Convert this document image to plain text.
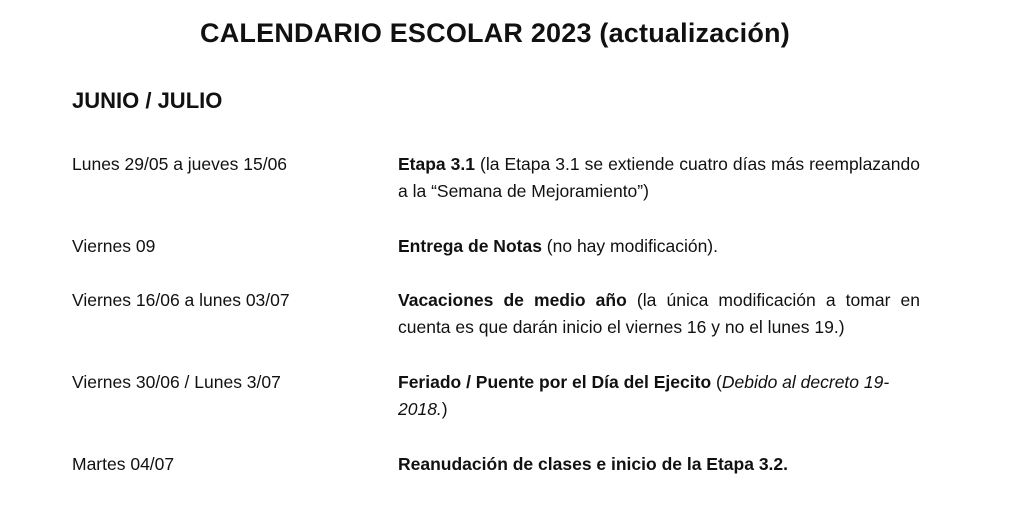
CALENDARIO ESCOLAR 2023 (actualización)
JUNIO / JULIO
Lunes 29/05 a jueves 15/06	Etapa 3.1 (la Etapa 3.1 se extiende cuatro días más reemplazando a la “Semana de Mejoramiento”)
Viernes 09	Entrega de Notas (no hay modificación).
Viernes 16/06 a lunes 03/07	Vacaciones de medio año (la única modificación a tomar en cuenta es que darán inicio el viernes 16 y no el lunes 19.)
Viernes 30/06 / Lunes 3/07	Feriado / Puente por el Día del Ejecito (Debido al decreto 19-2018.)
Martes 04/07	Reanudación de clases e inicio de la Etapa 3.2.
